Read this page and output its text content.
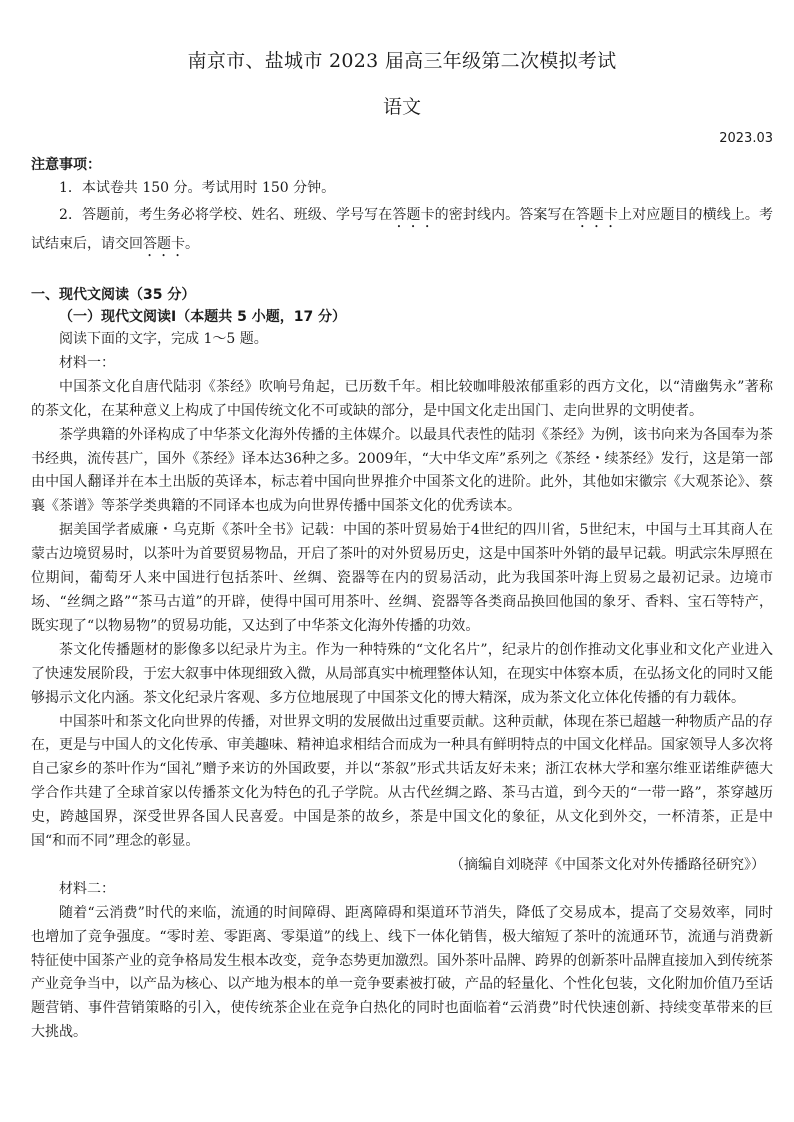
南京市、盐城市 2023 届高三年级第二次模拟考试
语文
2023.03
注意事项：
1．本试卷共 150 分。考试用时 150 分钟。
2．答题前，考生务必将学校、姓名、班级、学号写在答题卡的密封线内。答案写在答题卡上对应题目的横线上。考试结束后，请交回答题卡。
一、现代文阅读（35 分）
（一）现代文阅读Ⅰ（本题共 5 小题，17 分）

阅读下面的文字，完成 1～5 题。

材料一：

中国茶文化自唐代陆羽《茶经》吹响号角起，已历数千年。相比较咖啡般浓郁重彩的西方文化，以“清幽隽永”著称的茶文化，在某种意义上构成了中国传统文化不可或缺的部分，是中国文化走出国门、走向世界的文明使者。

茶学典籍的外译构成了中华茶文化海外传播的主体媒介。以最具代表性的陆羽《茶经》为例，该书向来为各国奉为茶书经典，流传甚广，国外《茶经》译本达36种之多。2009年，“大中华文库”系列之《茶经・续茶经》发行，这是第一部由中国人翻译并在本土出版的英译本，标志着中国向世界推介中国茶文化的进阶。此外，其他如宋徽宗《大观茶论》、蔡襄《茶谱》等茶学类典籍的不同译本也成为向世界传播中国茶文化的优秀读本。

据美国学者威廉・乌克斯《茶叶全书》记载：中国的茶叶贸易始于4世纪的四川省，5世纪末，中国与土耳其商人在蒙古边境贸易时，以茶叶为首要贸易物品，开启了茶叶的对外贸易历史，这是中国茶叶外销的最早记载。明武宗朱厚照在位期间，葡萄牙人来中国进行包括茶叶、丝绸、瓷器等在内的贸易活动，此为我国茶叶海上贸易之最初记录。边境市场、“丝绸之路”“茶马古道”的开辟，使得中国可用茶叶、丝绸、瓷器等各类商品换回他国的象牙、香料、宝石等特产，既实现了“以物易物”的贸易功能，又达到了中华茶文化海外传播的功效。

茶文化传播题材的影像多以纪录片为主。作为一种特殊的“文化名片”，纪录片的创作推动文化事业和文化产业进入了快速发展阶段，于宏大叙事中体现细致入微，从局部真实中梳理整体认知，在现实中体察本质，在弘扬文化的同时又能够揭示文化内涵。茶文化纪录片客观、多方位地展现了中国茶文化的博大精深，成为茶文化立体化传播的有力载体。

中国茶叶和茶文化向世界的传播，对世界文明的发展做出过重要贡献。这种贡献，体现在茶已超越一种物质产品的存在，更是与中国人的文化传承、审美趣味、精神追求相结合而成为一种具有鲜明特点的中国文化样品。国家领导人多次将自己家乡的茶叶作为“国礼”赠予来访的外国政要，并以“茶叙”形式共话友好未来；浙江农林大学和塞尔维亚诺维萨德大学合作共建了全球首家以传播茶文化为特色的孔子学院。从古代丝绸之路、茶马古道，到今天的“一带一路”，茶穿越历史，跨越国界，深受世界各国人民喜爱。中国是茶的故乡，茶是中国文化的象征，从文化到外交，一杯清茶，正是中国“和而不同”理念的彰显。

（摘编自刘晓萍《中国茶文化对外传播路径研究》）

材料二：

随着“云消费”时代的来临，流通的时间障碍、距离障碍和渠道环节消失，降低了交易成本，提高了交易效率，同时也增加了竞争强度。“零时差、零距离、零渠道”的线上、线下一体化销售，极大缩短了茶叶的流通环节，流通与消费新特征使中国茶产业的竞争格局发生根本改变，竞争态势更加激烈。国外茶叶品牌、跨界的创新茶叶品牌直接加入到传统茶产业竞争当中，以产品为核心、以产地为根本的单一竞争要素被打破，产品的轻量化、个性化包装，文化附加价值乃至话题营销、事件营销策略的引入，使传统茶企业在竞争白热化的同时也面临着“云消费”时代快速创新、持续变革带来的巨大挑战。
